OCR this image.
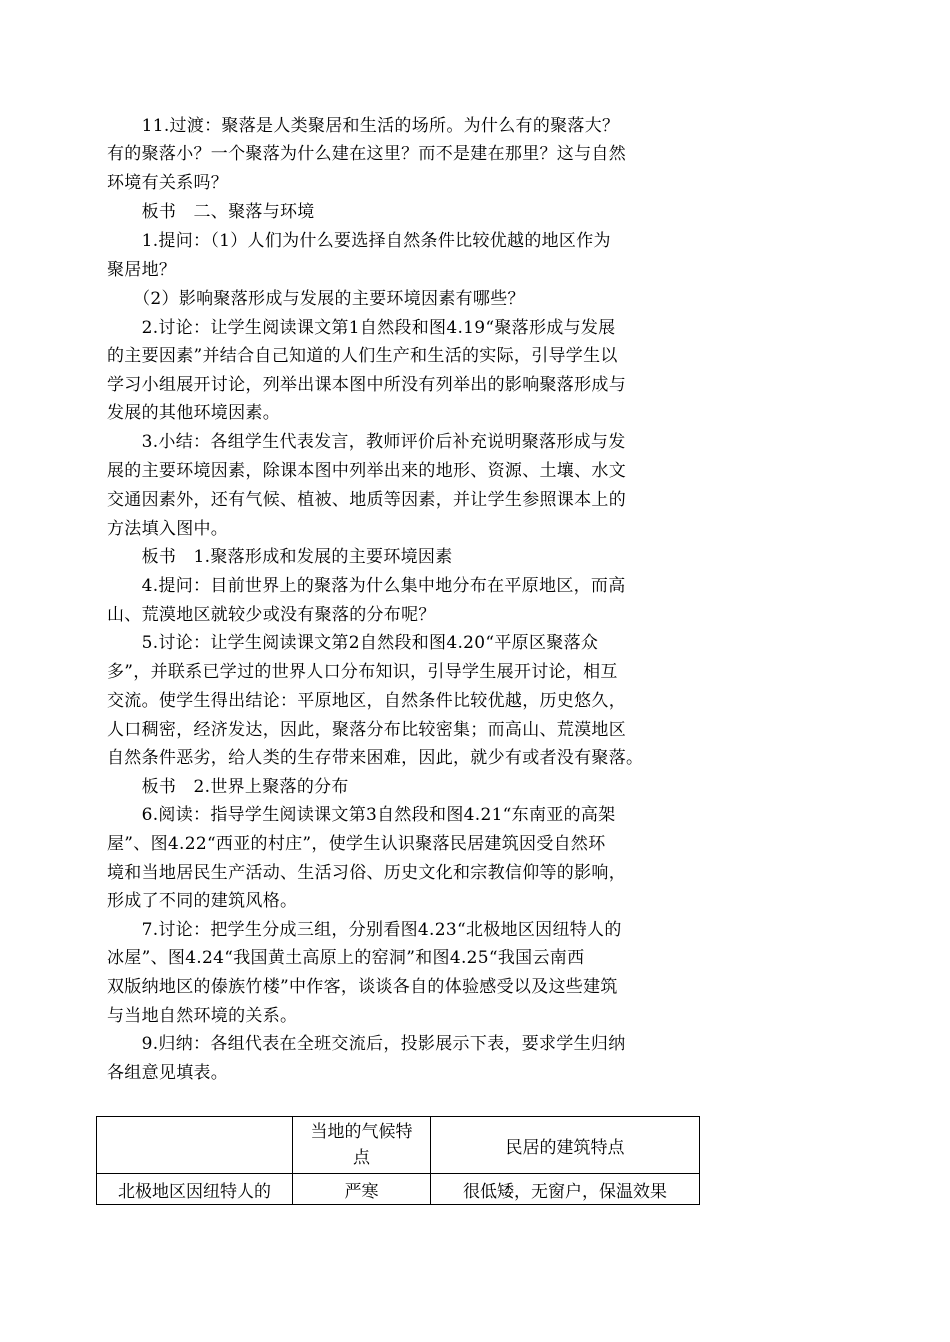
　　11.过渡：聚落是人类聚居和生活的场所。为什么有的聚落大？
有的聚落小？一个聚落为什么建在这里？而不是建在那里？这与自然
环境有关系吗？
　　板书　二、聚落与环境
　　1.提问：（1）人们为什么要选择自然条件比较优越的地区作为
聚居地？
　　（2）影响聚落形成与发展的主要环境因素有哪些？
　　2.讨论：让学生阅读课文第1自然段和图4.19“聚落形成与发展
的主要因素”并结合自己知道的人们生产和生活的实际，引导学生以
学习小组展开讨论，列举出课本图中所没有列举出的影响聚落形成与
发展的其他环境因素。
　　3.小结：各组学生代表发言，教师评价后补充说明聚落形成与发
展的主要环境因素，除课本图中列举出来的地形、资源、土壤、水文
交通因素外，还有气候、植被、地质等因素，并让学生参照课本上的
方法填入图中。
　　板书　1.聚落形成和发展的主要环境因素
　　4.提问：目前世界上的聚落为什么集中地分布在平原地区，而高
山、荒漠地区就较少或没有聚落的分布呢？
　　5.讨论：让学生阅读课文第2自然段和图4.20“平原区聚落众
多”，并联系已学过的世界人口分布知识，引导学生展开讨论，相互
交流。使学生得出结论：平原地区，自然条件比较优越，历史悠久，
人口稠密，经济发达，因此，聚落分布比较密集；而高山、荒漠地区
自然条件恶劣，给人类的生存带来困难，因此，就少有或者没有聚落。
　　板书　2.世界上聚落的分布
　　6.阅读：指导学生阅读课文第3自然段和图4.21“东南亚的高架
屋”、图4.22“西亚的村庄”，使学生认识聚落民居建筑因受自然环
境和当地居民生产活动、生活习俗、历史文化和宗教信仰等的影响，
形成了不同的建筑风格。
　　7.讨论：把学生分成三组，分别看图4.23“北极地区因纽特人的
冰屋”、图4.24“我国黄土高原上的窑洞”和图4.25“我国云南西
双版纳地区的傣族竹楼”中作客，谈谈各自的体验感受以及这些建筑
与当地自然环境的关系。
　　9.归纳：各组代表在全班交流后，投影展示下表，要求学生归纳
各组意见填表。
	当地的气候特
点	民居的建筑特点
北极地区因纽特人的	严寒	很低矮，无窗户，保温效果
